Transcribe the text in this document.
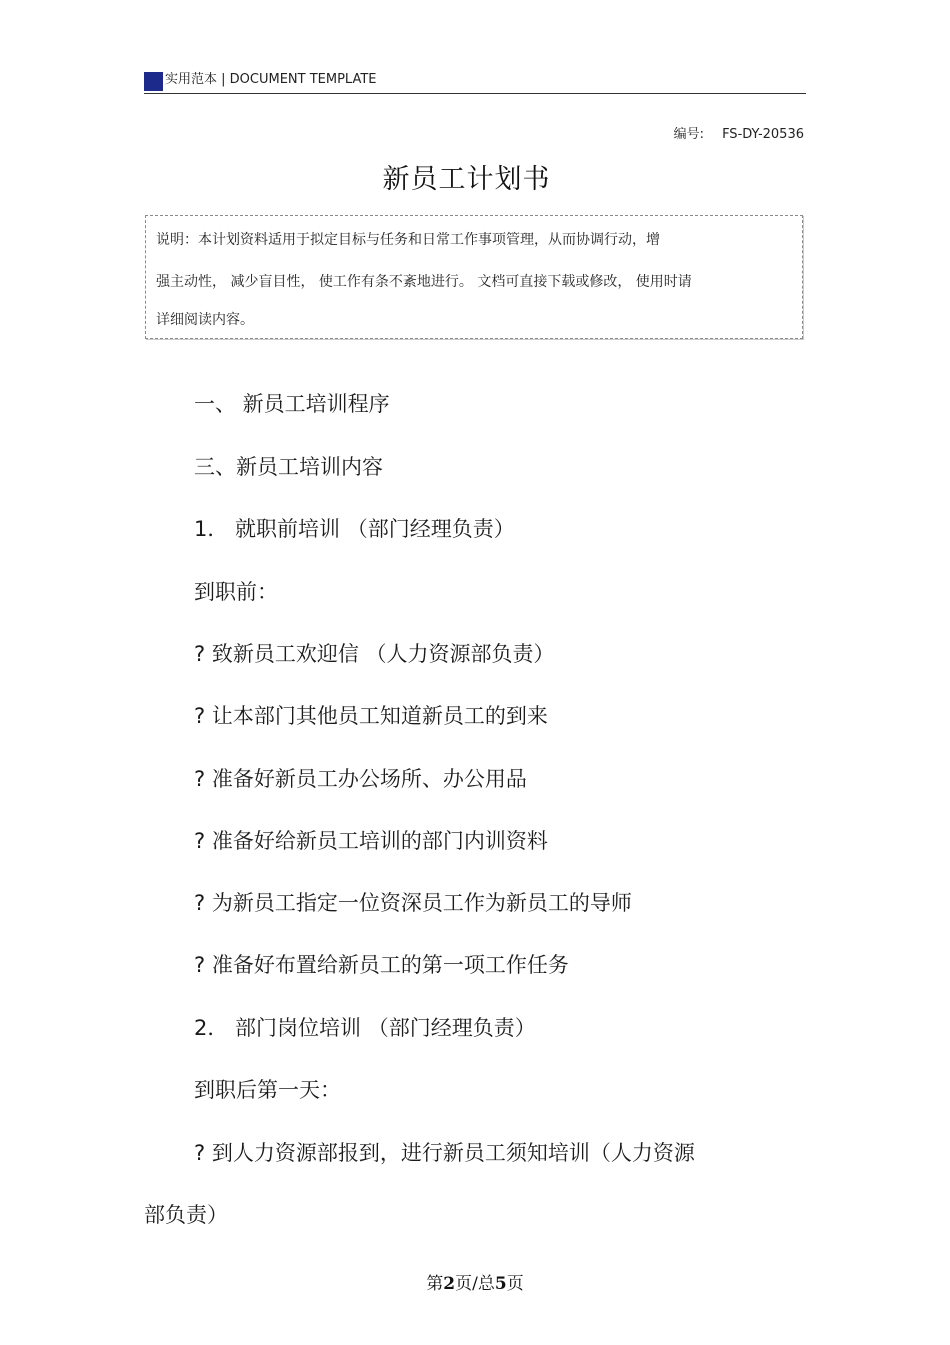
实用范本 | DOCUMENT TEMPLATE
编号: FS-DY-20536
新员工计划书
说明：本计划资料适用于拟定目标与任务和日常工作事项管理，从而协调行动，增
强主动性， 减少盲目性， 使工作有条不紊地进行。 文档可直接下载或修改， 使用时请
详细阅读内容。
一、 新员工培训程序
三、新员工培训内容
1． 就职前培训 （部门经理负责）
到职前：
? 致新员工欢迎信 （人力资源部负责）
? 让本部门其他员工知道新员工的到来
? 准备好新员工办公场所、办公用品
? 准备好给新员工培训的部门内训资料
? 为新员工指定一位资深员工作为新员工的导师
? 准备好布置给新员工的第一项工作任务
2． 部门岗位培训 （部门经理负责）
到职后第一天：
? 到人力资源部报到，进行新员工须知培训（人力资源
部负责）
第2页/总5页
